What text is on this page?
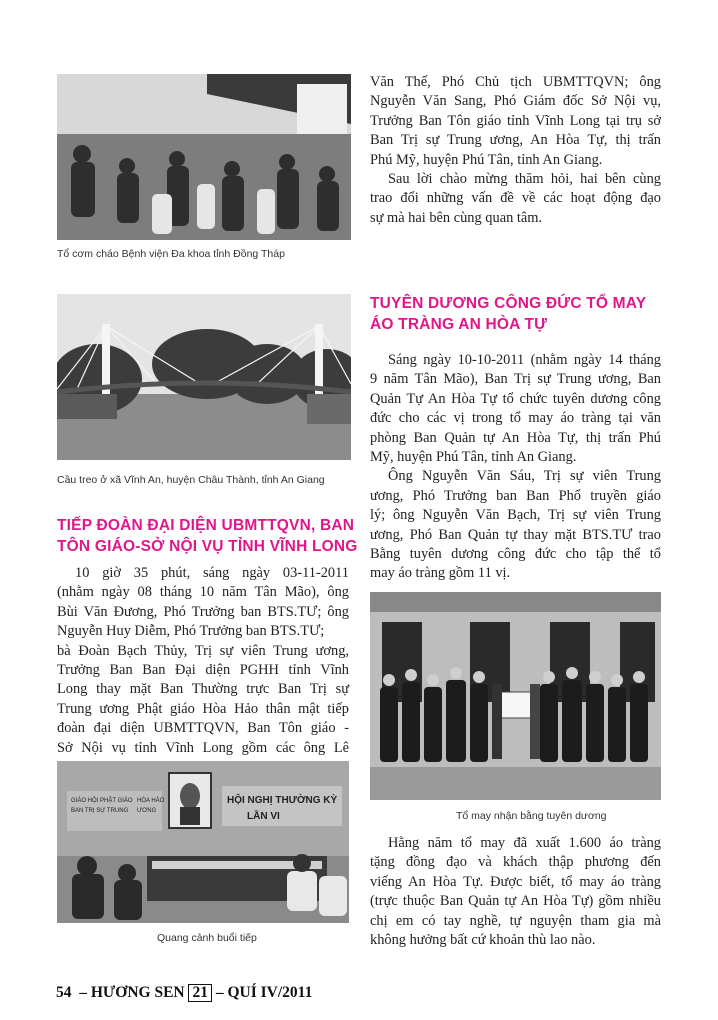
Tổ cơm cháo Bệnh viện Đa khoa tỉnh Đồng Tháp
Cầu treo ở xã Vĩnh An, huyện Châu Thành, tỉnh An Giang
Văn Thế, Phó Chủ tịch UBMTTQVN; ông
Nguyễn Văn Sang, Phó Giám đốc Sở Nội vụ,
Trưởng Ban Tôn giáo tỉnh Vĩnh Long tại trụ sở
Ban Trị sự Trung ương, An Hòa Tự, thị trấn
Phú Mỹ, huyện Phú Tân, tỉnh An Giang.
Sau lời chào mừng thăm hỏi, hai bên cùng
trao đổi những vấn đề về các hoạt động đạo
sự mà hai bên cùng quan tâm.
TUYÊN DƯƠNG CÔNG ĐỨC TỔ MAY
ÁO TRÀNG AN HÒA TỰ
Sáng ngày 10-10-2011 (nhằm ngày 14 tháng
9 năm Tân Mão), Ban Trị sự Trung ương, Ban
Quản Tự An Hòa Tự tổ chức tuyên dương công
đức cho các vị trong tổ may áo tràng tại văn
phòng Ban Quản tự An Hòa Tự, thị trấn Phú
Mỹ, huyện Phú Tân, tỉnh An Giang.
Ông Nguyễn Văn Sáu, Trị sự viên Trung
ương, Phó Trưởng ban Ban Phổ truyền giáo
lý; ông Nguyễn Văn Bạch, Trị sự viên Trung
ương, Phó Ban Quản tự thay mặt BTS.TƯ trao
Bằng tuyên dương công đức cho tập thể tổ
may áo tràng gồm 11 vị.
TIẾP ĐOÀN ĐẠI DIỆN UBMTTQVN, BAN
TÔN GIÁO-SỞ NỘI VỤ TỈNH VĨNH LONG
10 giờ 35 phút, sáng ngày 03-11-2011
(nhằm ngày 08 tháng 10 năm Tân Mão), ông
Bùi Văn Đương, Phó Trưởng ban BTS.TƯ; ông
Nguyễn Huy Diễm, Phó Trưởng ban BTS.TƯ;
bà Đoàn Bạch Thủy, Trị sự viên Trung ương,
Trưởng Ban Ban Đại diện PGHH tỉnh Vĩnh
Long thay mặt Ban Thường trực Ban Trị sự
Trung ương Phật giáo Hòa Hảo thân mật tiếp
đoàn đại diện UBMTTQVN, Ban Tôn giáo -
Sở Nội vụ tỉnh Vĩnh Long gồm các ông Lê
Tổ may nhận bằng tuyên dương
GIÁO HỘI PHẬT GIÁO HÒA HẢO
BAN TRỊ SỰ TRUNG ƯƠNG
HỘI NGHỊ THƯỜNG KỲ
LẦN VI
Quang cảnh buổi tiếp
Hằng năm tổ may đã xuất 1.600 áo tràng
tặng đồng đạo và khách thập phương đến
viếng An Hòa Tự. Được biết, tổ may áo tràng
(trực thuộc Ban Quản tự An Hòa Tự) gồm nhiều
chị em có tay nghề, tự nguyện tham gia mà
không hưởng bất cứ khoản thù lao nào.
54 – HƯƠNG SEN 21 – QUÍ IV/2011
